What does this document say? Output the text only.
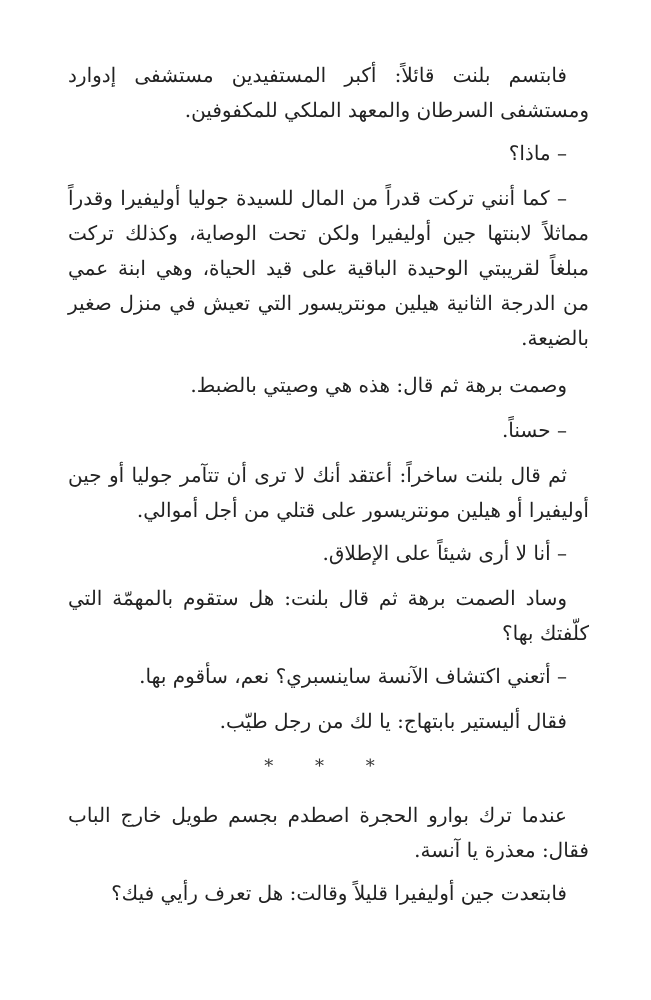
فابتسم بلنت قائلاً: أكبر المستفيدين مستشفى إدوارد ومستشفى السرطان والمعهد الملكي للمكفوفين.

– ماذا؟

– كما أنني تركت قدراً من المال للسيدة جوليا أوليفيرا وقدراً مماثلاً لابنتها جين أوليفيرا ولكن تحت الوصاية، وكذلك تركت مبلغاً لقريبتي الوحيدة الباقية على قيد الحياة، وهي ابنة عمي من الدرجة الثانية هيلين مونتريسور التي تعيش في منزل صغير بالضيعة.

وصمت برهة ثم قال: هذه هي وصيتي بالضبط.

– حسناً.

ثم قال بلنت ساخراً: أعتقد أنك لا ترى أن تتآمر جوليا أو جين أوليفيرا أو هيلين مونتريسور على قتلي من أجل أموالي.

– أنا لا أرى شيئاً على الإطلاق.

وساد الصمت برهة ثم قال بلنت: هل ستقوم بالمهمّة التي كلّفتك بها؟

– أتعني اكتشاف الآنسة ساينسبري؟ نعم، سأقوم بها.

فقال أليستير بابتهاج: يا لك من رجل طيّب.

* * *

عندما ترك بوارو الحجرة اصطدم بجسم طويل خارج الباب فقال: معذرة يا آنسة.

فابتعدت جين أوليفيرا قليلاً وقالت: هل تعرف رأيي فيك؟
